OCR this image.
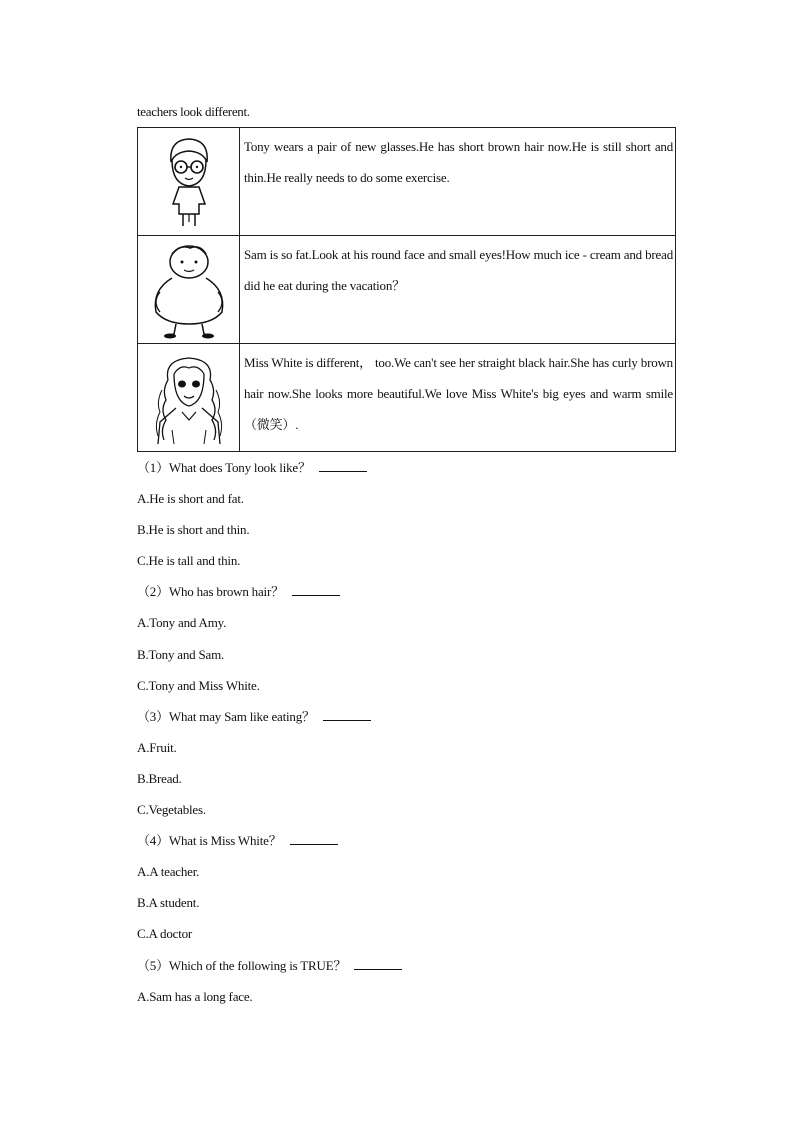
teachers look different.
	Tony wears a pair of new glasses.He has short brown hair now.He is still short and thin.He really needs to do some exercise.

	Sam is so fat.Look at his round face and small eyes!How much ice - cream and bread did he eat during the vacation？

	Miss White is different， too.We can't see her straight black hair.She has curly brown hair now.She looks more beautiful.We love Miss White's big eyes and warm smile （微笑）.
（1）What does Tony look like？
A.He is short and fat.
B.He is short and thin.
C.He is tall and thin.
（2）Who has brown hair？
A.Tony and Amy.
B.Tony and Sam.
C.Tony and Miss White.
（3）What may Sam like eating？
A.Fruit.
B.Bread.
C.Vegetables.
（4）What is Miss White？
A.A teacher.
B.A student.
C.A doctor
（5）Which of the following is TRUE？
A.Sam has a long face.
